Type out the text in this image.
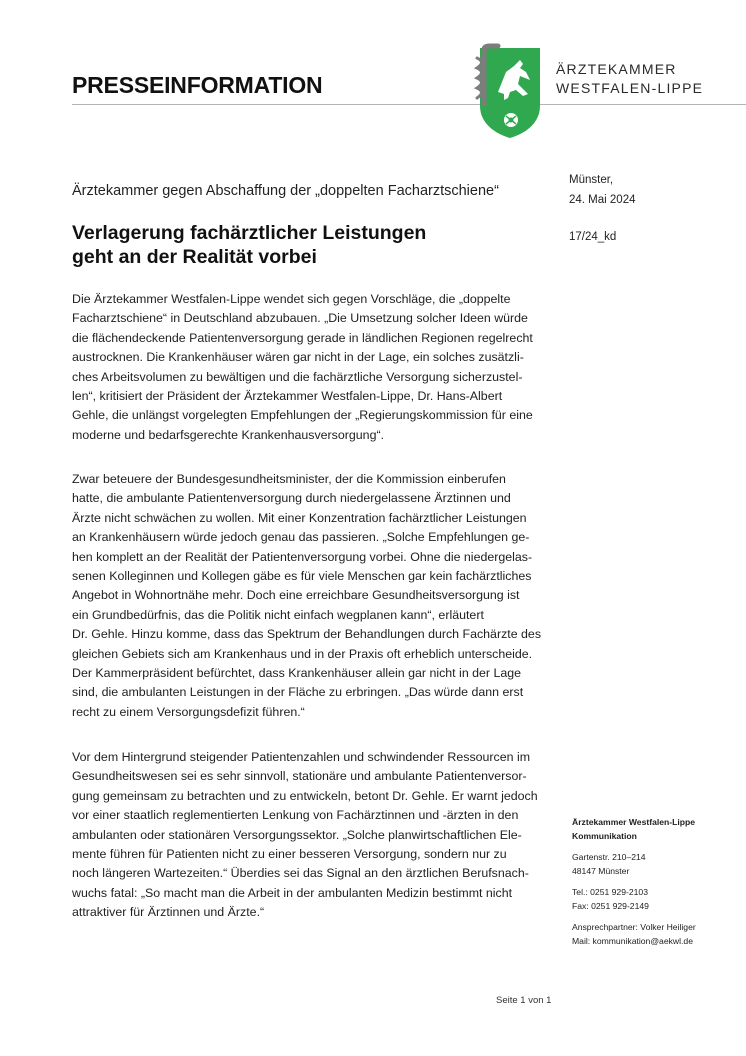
PRESSEINFORMATION
ÄRZTEKAMMER
WESTFALEN-LIPPE
Ärztekammer gegen Abschaffung der „doppelten Facharztschiene“
Verlagerung fachärztlicher Leistungen
geht an der Realität vorbei
Münster,
24. Mai 2024
17/24_kd
Die Ärztekammer Westfalen-Lippe wendet sich gegen Vorschläge, die „doppelte
Facharztschiene“ in Deutschland abzubauen. „Die Umsetzung solcher Ideen würde
die flächendeckende Patientenversorgung gerade in ländlichen Regionen regelrecht
austrocknen. Die Krankenhäuser wären gar nicht in der Lage, ein solches zusätzli-
ches Arbeitsvolumen zu bewältigen und die fachärztliche Versorgung sicherzustel-
len“, kritisiert der Präsident der Ärztekammer Westfalen-Lippe, Dr. Hans-Albert
Gehle, die unlängst vorgelegten Empfehlungen der „Regierungskommission für eine
moderne und bedarfsgerechte Krankenhausversorgung“.
Zwar beteuere der Bundesgesundheitsminister, der die Kommission einberufen
hatte, die ambulante Patientenversorgung durch niedergelassene Ärztinnen und
Ärzte nicht schwächen zu wollen. Mit einer Konzentration fachärztlicher Leistungen
an Krankenhäusern würde jedoch genau das passieren. „Solche Empfehlungen ge-
hen komplett an der Realität der Patientenversorgung vorbei. Ohne die niedergelas-
senen Kolleginnen und Kollegen gäbe es für viele Menschen gar kein fachärztliches
Angebot in Wohnortnähe mehr. Doch eine erreichbare Gesundheitsversorgung ist
ein Grundbedürfnis, das die Politik nicht einfach wegplanen kann“, erläutert
Dr. Gehle. Hinzu komme, dass das Spektrum der Behandlungen durch Fachärzte des
gleichen Gebiets sich am Krankenhaus und in der Praxis oft erheblich unterscheide.
Der Kammerpräsident befürchtet, dass Krankenhäuser allein gar nicht in der Lage
sind, die ambulanten Leistungen in der Fläche zu erbringen. „Das würde dann erst
recht zu einem Versorgungsdefizit führen.“
Vor dem Hintergrund steigender Patientenzahlen und schwindender Ressourcen im
Gesundheitswesen sei es sehr sinnvoll, stationäre und ambulante Patientenversor-
gung gemeinsam zu betrachten und zu entwickeln, betont Dr. Gehle. Er warnt jedoch
vor einer staatlich reglementierten Lenkung von Fachärztinnen und -ärzten in den
ambulanten oder stationären Versorgungssektor. „Solche planwirtschaftlichen Ele-
mente führen für Patienten nicht zu einer besseren Versorgung, sondern nur zu
noch längeren Wartezeiten.“ Überdies sei das Signal an den ärztlichen Berufsnach-
wuchs fatal: „So macht man die Arbeit in der ambulanten Medizin bestimmt nicht
attraktiver für Ärztinnen und Ärzte.“
Ärztekammer Westfalen-Lippe
Kommunikation
Gartenstr. 210–214
48147 Münster
Tel.: 0251 929-2103
Fax: 0251 929-2149
Ansprechpartner: Volker Heiliger
Mail: kommunikation@aekwl.de
Seite 1 von 1
